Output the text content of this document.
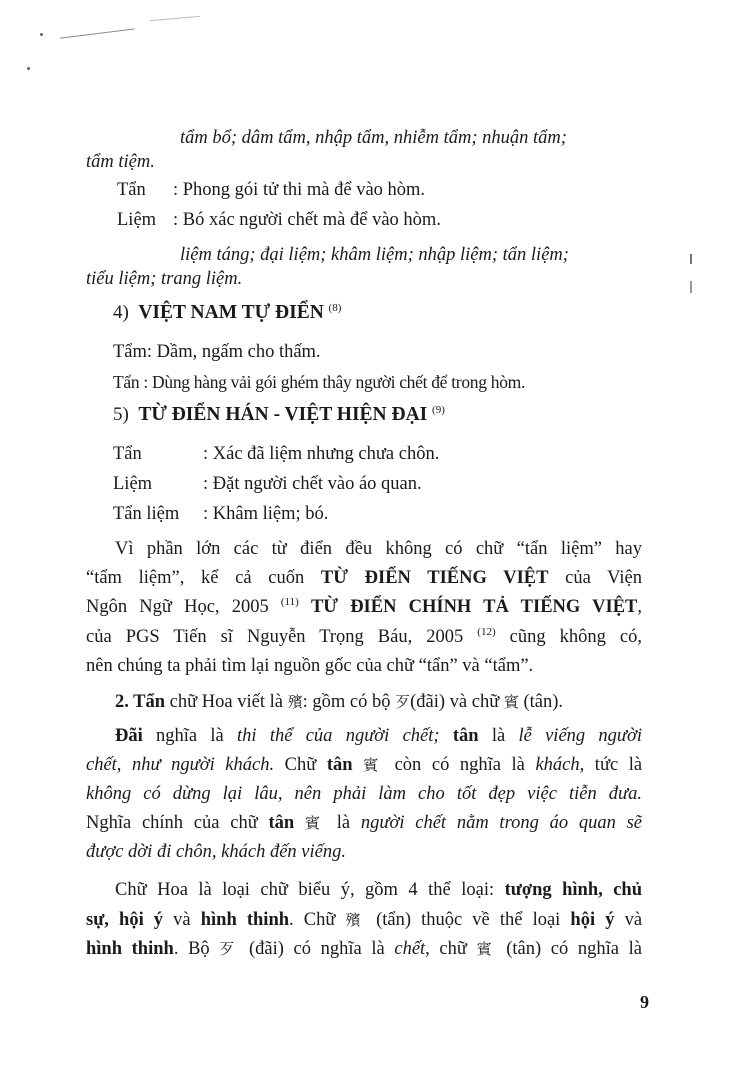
tẩm bổ; dâm tẩm, nhập tẩm, nhiễm tẩm; nhuận tẩm;
tẩm tiệm.
Tẩn : Phong gói tử thi mà để vào hòm.
Liệm : Bó xác người chết mà để vào hòm.
liệm táng; đại liệm; khâm liệm; nhập liệm; tẩn liệm;
tiểu liệm; trang liệm.
4) VIỆT NAM TỰ ĐIỂN $^{(8)}$
Tẩm: Dầm, ngấm cho thấm.
Tẩn : Dùng hàng vải gói ghém thây người chết để trong hòm.
5) TỪ ĐIỂN HÁN - VIỆT HIỆN ĐẠI $^{(9)}$
Tẩn	: Xác đã liệm nhưng chưa chôn.
Liệm	: Đặt người chết vào áo quan.
Tẩn liệm : Khâm liệm; bó.
Vì phần lớn các từ điển đều không có chữ “tẩn liệm” hay
“tẩm liệm”, kể cả cuốn TỪ ĐIỂN TIẾNG VIỆT của Viện
Ngôn Ngữ Học, 2005 $^{(11)}$ TỪ ĐIỂN CHÍNH TẢ TIẾNG VIỆT,
của PGS Tiến sĩ Nguyễn Trọng Báu, 2005 $^{(12)}$ cũng không có,
nên chúng ta phải tìm lại nguồn gốc của chữ “tẩn” và “tẩm”.
2. Tẩn chữ Hoa viết là 殯: gồm có bộ 歹(đãi) và chữ 賓 (tân).
Đãi nghĩa là thi thể của người chết; tân là lễ viếng người
chết, như người khách. Chữ tân 賓 còn có nghĩa là khách, tức là
không có dừng lại lâu, nên phải làm cho tốt đẹp việc tiễn đưa.
Nghĩa chính của chữ tân 賓 là người chết nằm trong áo quan sẽ
được dời đi chôn, khách đến viếng.
Chữ Hoa là loại chữ biểu ý, gồm 4 thể loại: tượng hình, chủ
sự, hội ý và hình thinh. Chữ 殯 (tẩn) thuộc về thể loại hội ý và
hình thinh. Bộ 歹 (đãi) có nghĩa là chết, chữ 賓 (tân) có nghĩa là
9
